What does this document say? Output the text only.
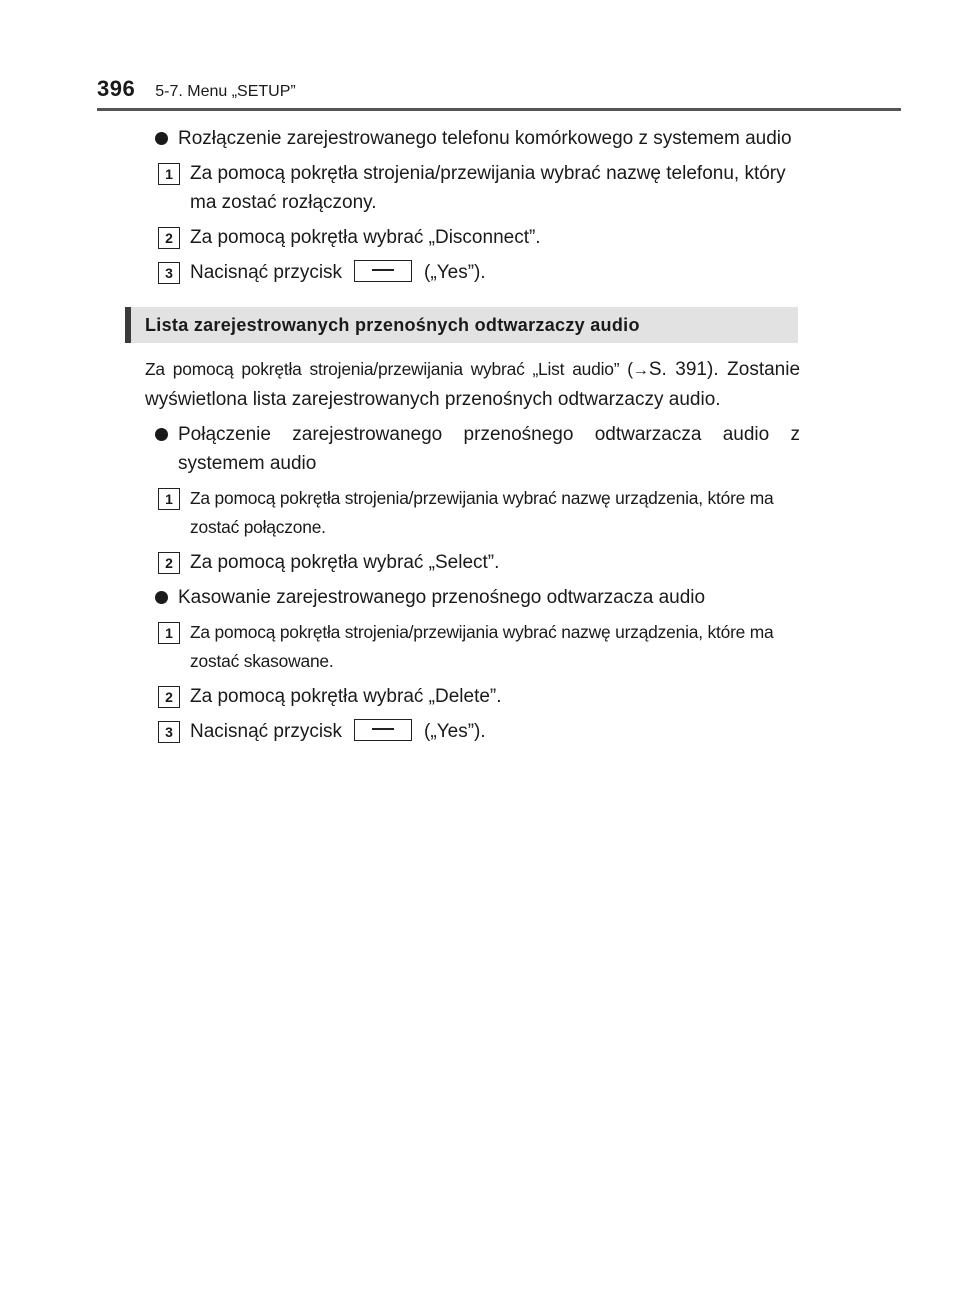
396 5-7. Menu „SETUP”
Rozłączenie zarejestrowanego telefonu komórkowego z systemem audio
1 Za pomocą pokrętła strojenia/przewijania wybrać nazwę telefonu, który ma zostać rozłączony.
2 Za pomocą pokrętła wybrać „Disconnect”.
3 Nacisnąć przycisk	(„Yes”).
Lista zarejestrowanych przenośnych odtwarzaczy audio
Za pomocą pokrętła strojenia/przewijania wybrać „List audio” (→S. 391). Zostanie wyświetlona lista zarejestrowanych przenośnych odtwarzaczy audio.
Połączenie zarejestrowanego przenośnego odtwarzacza audio z systemem audio
1 Za pomocą pokrętła strojenia/przewijania wybrać nazwę urządzenia, które ma zostać połączone.
2 Za pomocą pokrętła wybrać „Select”.
Kasowanie zarejestrowanego przenośnego odtwarzacza audio
1 Za pomocą pokrętła strojenia/przewijania wybrać nazwę urządzenia, które ma zostać skasowane.
2 Za pomocą pokrętła wybrać „Delete”.
3 Nacisnąć przycisk	(„Yes”).
